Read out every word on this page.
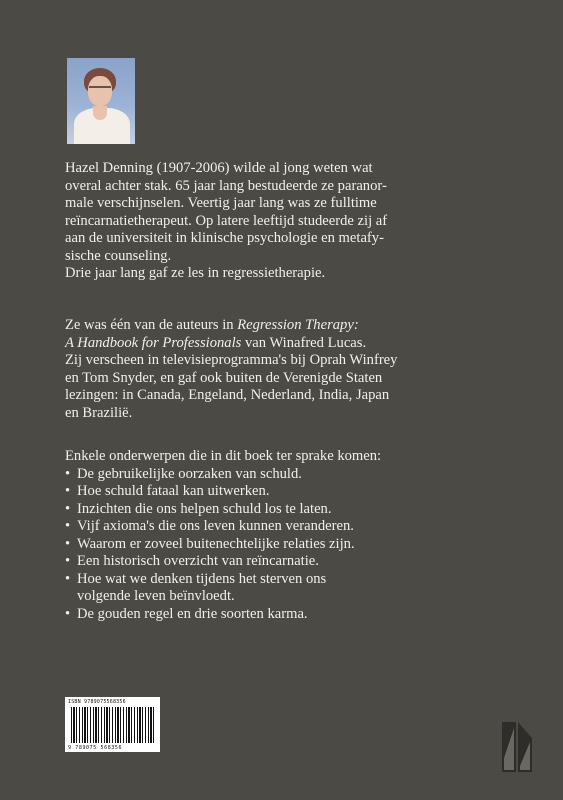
Hazel Denning (1907-2006) wilde al jong weten wat
overal achter stak. 65 jaar lang bestudeerde ze paranor-
male verschijnselen. Veertig jaar lang was ze fulltime
reïncarnatietherapeut. Op latere leeftijd studeerde zij af
aan de universiteit in klinische psychologie en metafy-
sische counseling.
Drie jaar lang gaf ze les in regressietherapie.

Ze was één van de auteurs in Regression Therapy:
A Handbook for Professionals van Winafred Lucas.

Zij verscheen in televisieprogramma's bij Oprah Winfrey
en Tom Snyder, en gaf ook buiten de Verenigde Staten
lezingen: in Canada, Engeland, Nederland, India, Japan
en Brazilië.

Enkele onderwerpen die in dit boek ter sprake komen:

• De gebruikelijke oorzaken van schuld.
• Hoe schuld fataal kan uitwerken.
• Inzichten die ons helpen schuld los te laten.
• Vijf axioma's die ons leven kunnen veranderen.
• Waarom er zoveel buitenechtelijke relaties zijn.
• Een historisch overzicht van reïncarnatie.
• Hoe wat we denken tijdens het sterven ons
volgende leven beïnvloedt.
• De gouden regel en drie soorten karma.
ISBN 9789075568356
9 789075 568356
